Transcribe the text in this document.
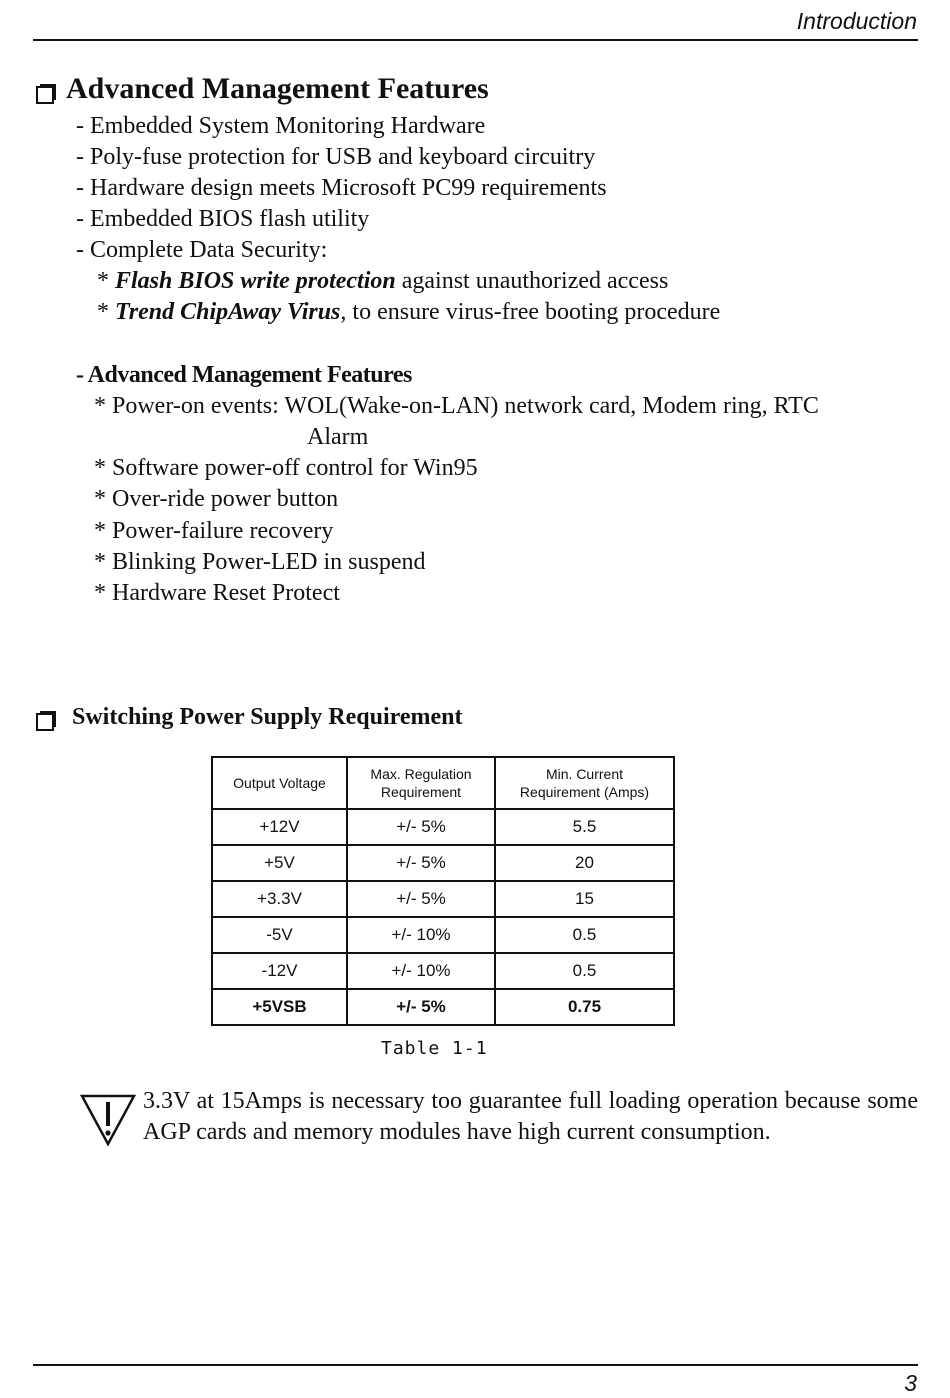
Introduction
Advanced Management Features
- Embedded System Monitoring Hardware
- Poly-fuse protection for USB and keyboard circuitry
- Hardware design meets Microsoft PC99 requirements
- Embedded BIOS flash utility
- Complete Data Security:
* Flash BIOS write protection against unauthorized access
* Trend ChipAway Virus, to ensure virus-free booting procedure
- Advanced Management Features
* Power-on events: WOL(Wake-on-LAN) network card, Modem ring, RTC
Alarm
* Software power-off control for Win95
* Over-ride power button
* Power-failure recovery
* Blinking Power-LED in suspend
* Hardware Reset Protect
Switching Power Supply Requirement
Output Voltage	Max. Regulation Requirement	Min. Current Requirement (Amps)
+12V	+/- 5%	5.5
+5V	+/- 5%	20
+3.3V	+/- 5%	15
-5V	+/- 10%	0.5
-12V	+/- 10%	0.5
+5VSB	+/- 5%	0.75
Table 1-1
3.3V at 15Amps is necessary too guarantee full loading operation because some AGP cards and memory modules have high current consumption.
3
